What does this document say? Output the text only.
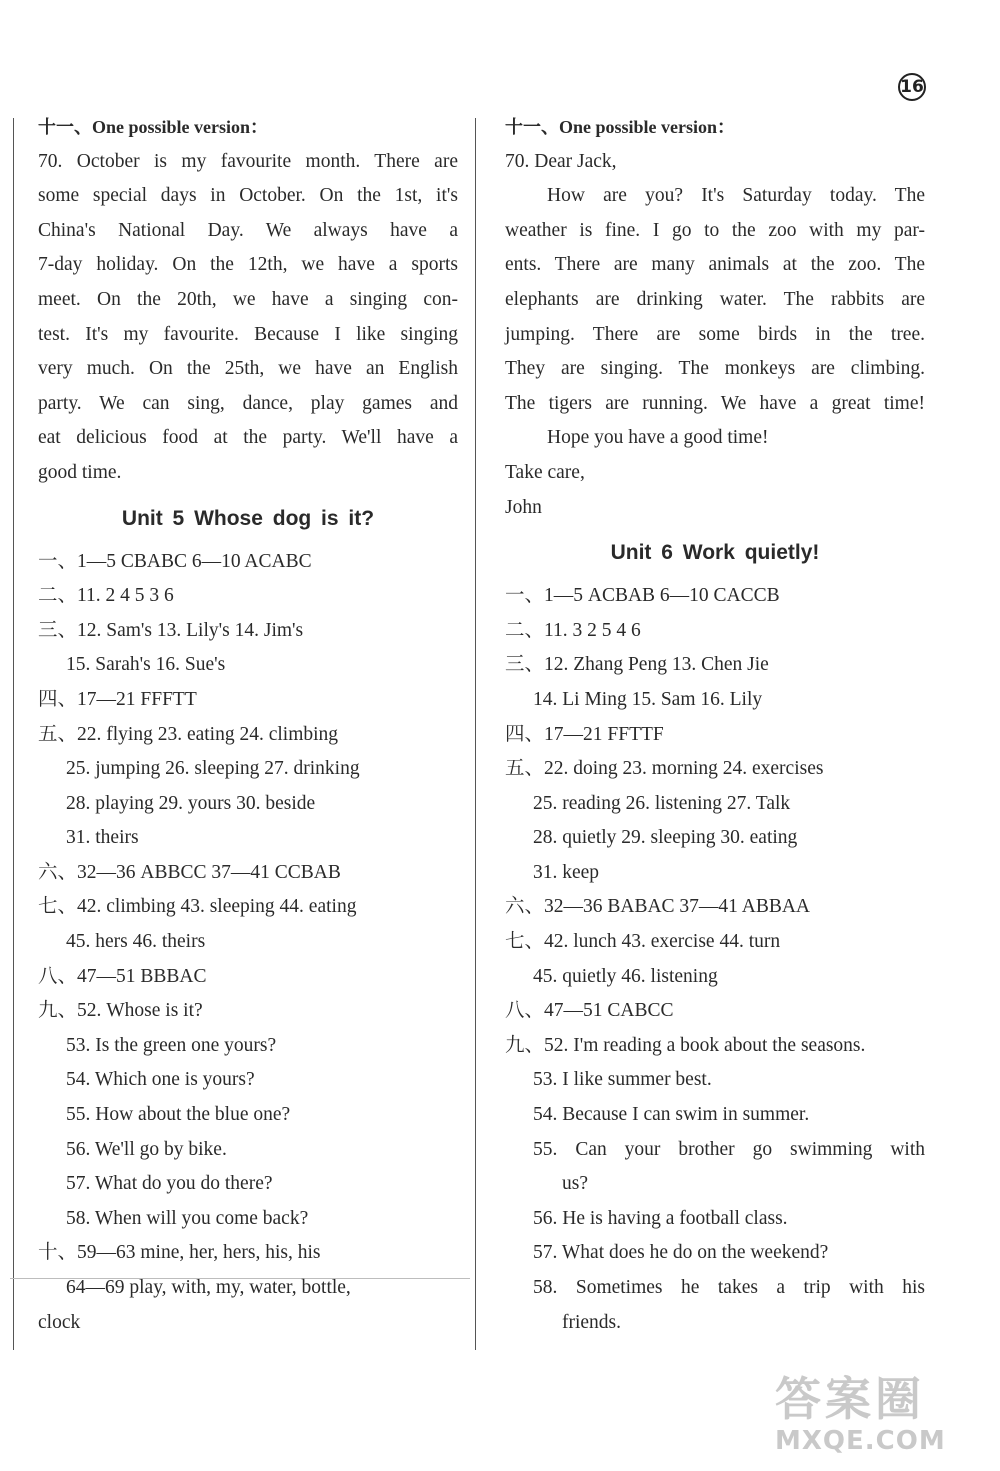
16

十一、One possible version：

70. October is my favourite month. There are

some special days in October. On the 1st, it's

China's National Day. We always have a

7-day holiday. On the 12th, we have a sports

meet. On the 20th, we have a singing con-

test. It's my favourite. Because I like singing

very much. On the 25th, we have an English

party. We can sing, dance, play games and

eat delicious food at the party. We'll have a

good time.

Unit 5 Whose dog is it?

一、1—5 CBABC 6—10 ACABC

二、11. 2 4 5 3 6

三、12. Sam's 13. Lily's 14. Jim's

15. Sarah's 16. Sue's

四、17—21 FFFTT

五、22. flying 23. eating 24. climbing

25. jumping 26. sleeping 27. drinking

28. playing 29. yours 30. beside

31. theirs

六、32—36 ABBCC 37—41 CCBAB

七、42. climbing 43. sleeping 44. eating

45. hers 46. theirs

八、47—51 BBBAC

九、52. Whose is it?

53. Is the green one yours?

54. Which one is yours?

55. How about the blue one?

56. We'll go by bike.

57. What do you do there?

58. When will you come back?

十、59—63 mine, her, hers, his, his

64—69 play, with, my, water, bottle,

clock

十一、One possible version：

70. Dear Jack,

How are you? It's Saturday today. The

weather is fine. I go to the zoo with my par-

ents. There are many animals at the zoo. The

elephants are drinking water. The rabbits are

jumping. There are some birds in the tree.

They are singing. The monkeys are climbing.

The tigers are running. We have a great time!

Hope you have a good time!

Take care,

John

Unit 6 Work quietly!

一、1—5 ACBAB 6—10 CACCB

二、11. 3 2 5 4 6

三、12. Zhang Peng 13. Chen Jie

14. Li Ming 15. Sam 16. Lily

四、17—21 FFTTF

五、22. doing 23. morning 24. exercises

25. reading 26. listening 27. Talk

28. quietly 29. sleeping 30. eating

31. keep

六、32—36 BABAC 37—41 ABBAA

七、42. lunch 43. exercise 44. turn

45. quietly 46. listening

八、47—51 CABCC

九、52. I'm reading a book about the seasons.

53. I like summer best.

54. Because I can swim in summer.

55. Can your brother go swimming with

us?

56. He is having a football class.

57. What does he do on the weekend?

58. Sometimes he takes a trip with his

friends.

答案圈
MXQE.COM
